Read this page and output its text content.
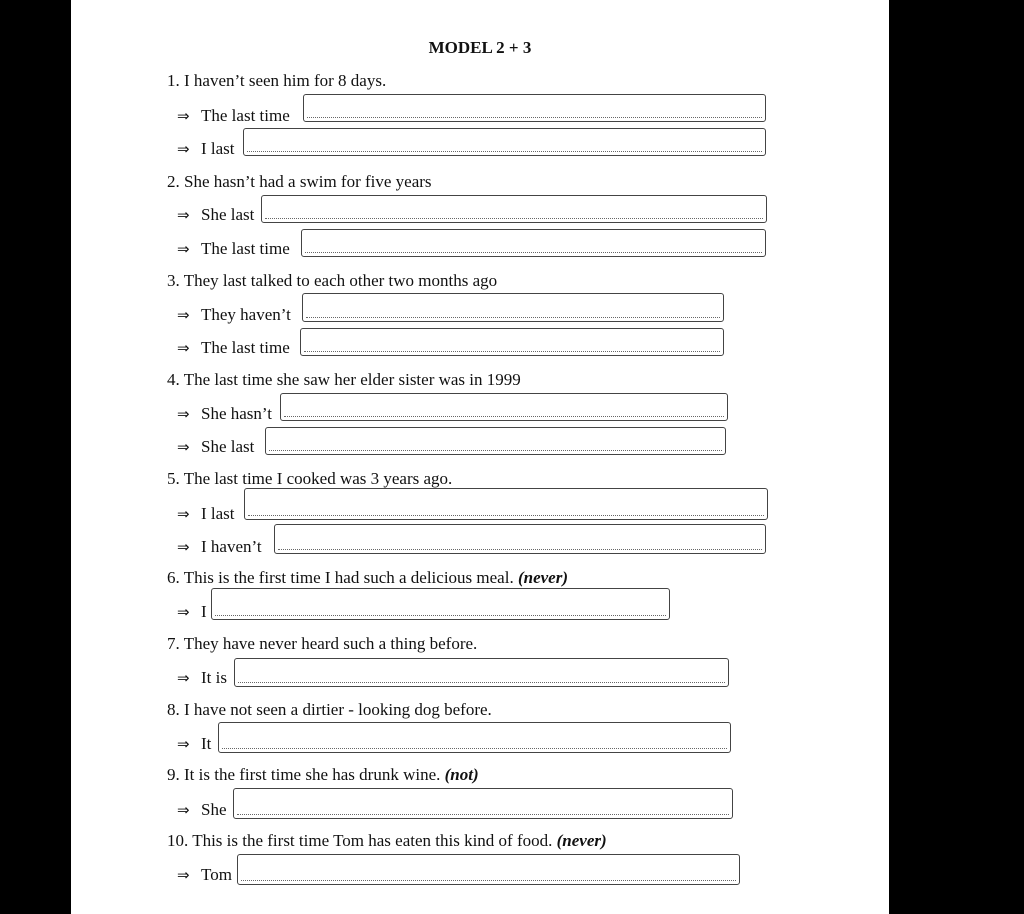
MODEL 2 + 3
1. I haven’t seen him for 8 days.
⇒ The last time
⇒ I last
2. She hasn’t had a swim for five years
⇒ She last
⇒ The last time
3. They last talked to each other two months ago
⇒ They haven’t
⇒ The last time
4. The last time she saw her elder sister was in 1999
⇒ She hasn’t
⇒ She last
5. The last time I cooked was 3 years ago.
⇒ I last
⇒ I haven’t
6. This is the first time I had such a delicious meal. (never)
⇒ I
7. They have never heard such a thing before.
⇒ It is
8. I have not seen a dirtier - looking dog before.
⇒ It
9. It is the first time she has drunk wine. (not)
⇒ She
10. This is the first time Tom has eaten this kind of food. (never)
⇒ Tom
